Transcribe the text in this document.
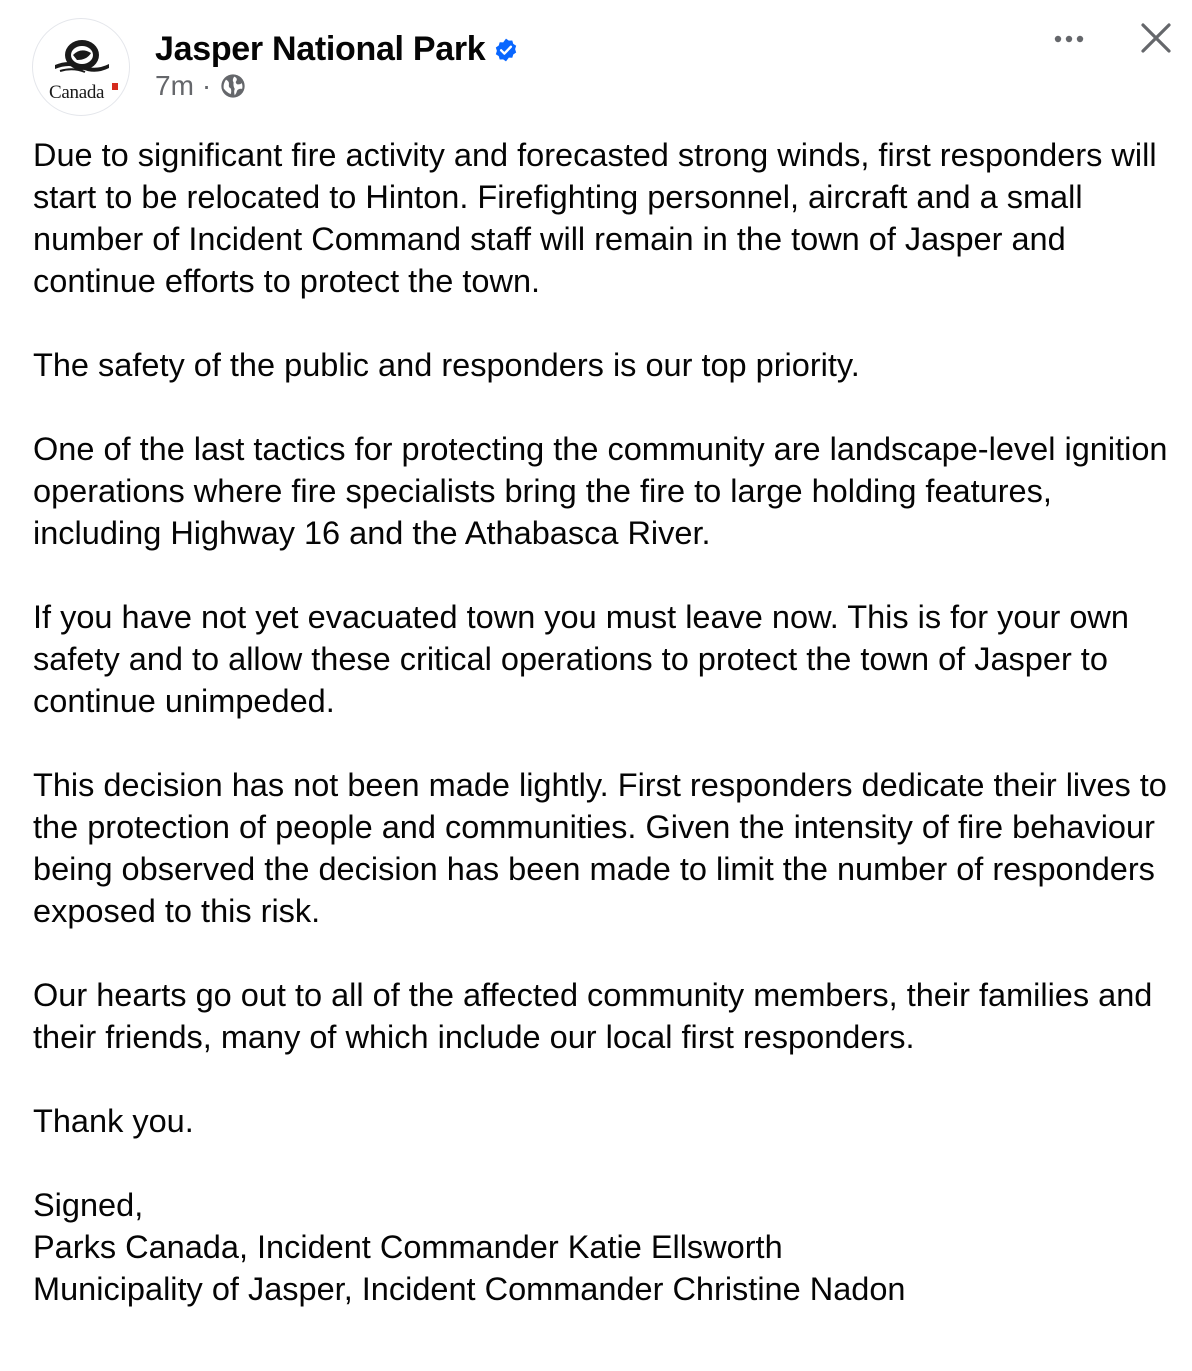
Canada
Jasper National Park
7m ·

Due to significant fire activity and forecasted strong winds, first responders will start to be relocated to Hinton. Firefighting personnel, aircraft and a small number of Incident Command staff will remain in the town of Jasper and continue efforts to protect the town.

The safety of the public and responders is our top priority.

One of the last tactics for protecting the community are landscape-level ignition operations where fire specialists bring the fire to large holding features, including Highway 16 and the Athabasca River.

If you have not yet evacuated town you must leave now. This is for your own safety and to allow these critical operations to protect the town of Jasper to continue unimpeded.

This decision has not been made lightly. First responders dedicate their lives to the protection of people and communities. Given the intensity of fire behaviour being observed the decision has been made to limit the number of responders exposed to this risk.

Our hearts go out to all of the affected community members, their families and their friends, many of which include our local first responders.

Thank you.

Signed,
Parks Canada, Incident Commander Katie Ellsworth
Municipality of Jasper, Incident Commander Christine Nadon
